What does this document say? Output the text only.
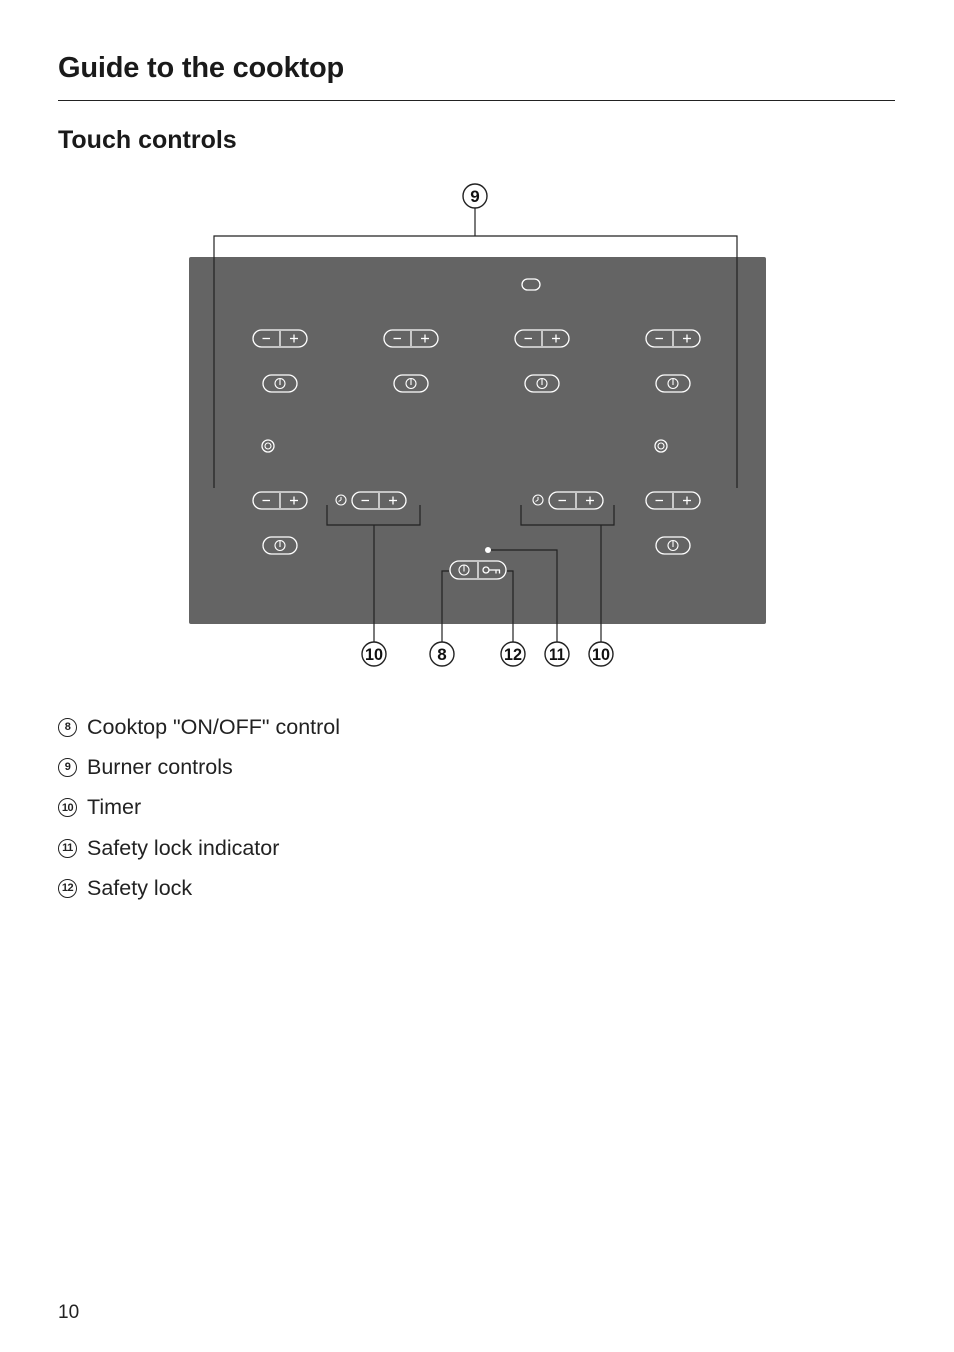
Guide to the cooktop
Touch controls
9
10	8	12 11 10
8 Cooktop "ON/OFF" control
9 Burner controls
10 Timer
11 Safety lock indicator
12 Safety lock
10
